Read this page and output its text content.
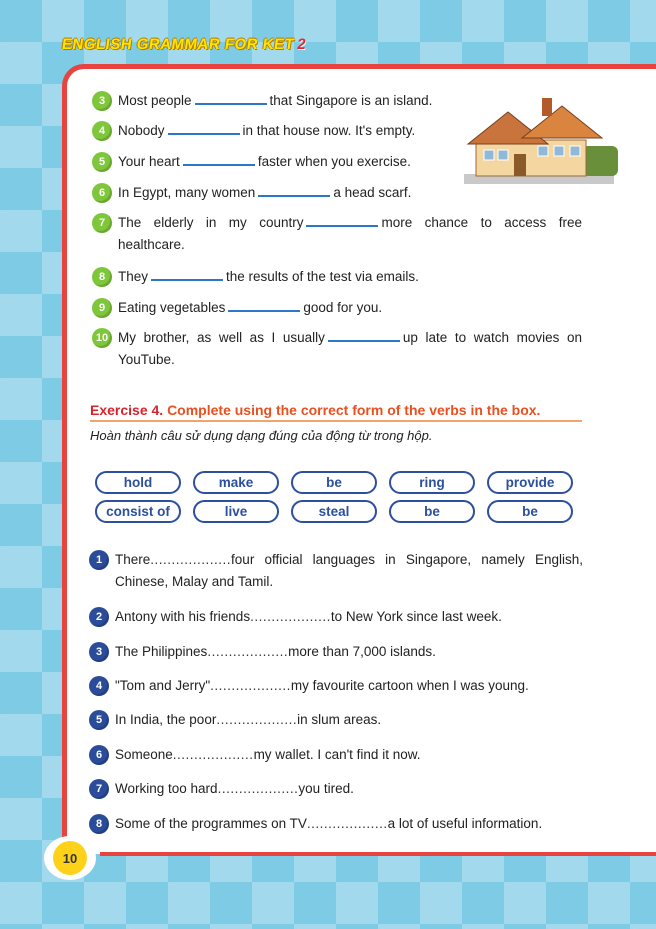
ENGLISH GRAMMAR FOR KET2
3 Most people	that Singapore is an island.
4 Nobody	in that house now. It's empty.
5 Your heart	faster when you exercise.
6 In Egypt, many women	a head scarf.
7 The elderly in my country	more chance to access free healthcare.
8 They	the results of the test via emails.
9 Eating vegetables	good for you.
10 My brother, as well as I usually	up late to watch movies on YouTube.
Exercise 4. Complete using the correct form of the verbs in the box.
Hoàn thành câu sử dụng dạng đúng của động từ trong hộp.
hold	make	be	ring	provide
consist of	live	steal	be	be
1 There...................four official languages in Singapore, namely English, Chinese, Malay and Tamil.
2 Antony with his friends...................to New York since last week.
3 The Philippines...................more than 7,000 islands.
4 "Tom and Jerry"...................my favourite cartoon when I was young.
5 In India, the poor...................in slum areas.
6 Someone...................my wallet. I can't find it now.
7 Working too hard...................you tired.
8 Some of the programmes on TV...................a lot of useful information.
10
